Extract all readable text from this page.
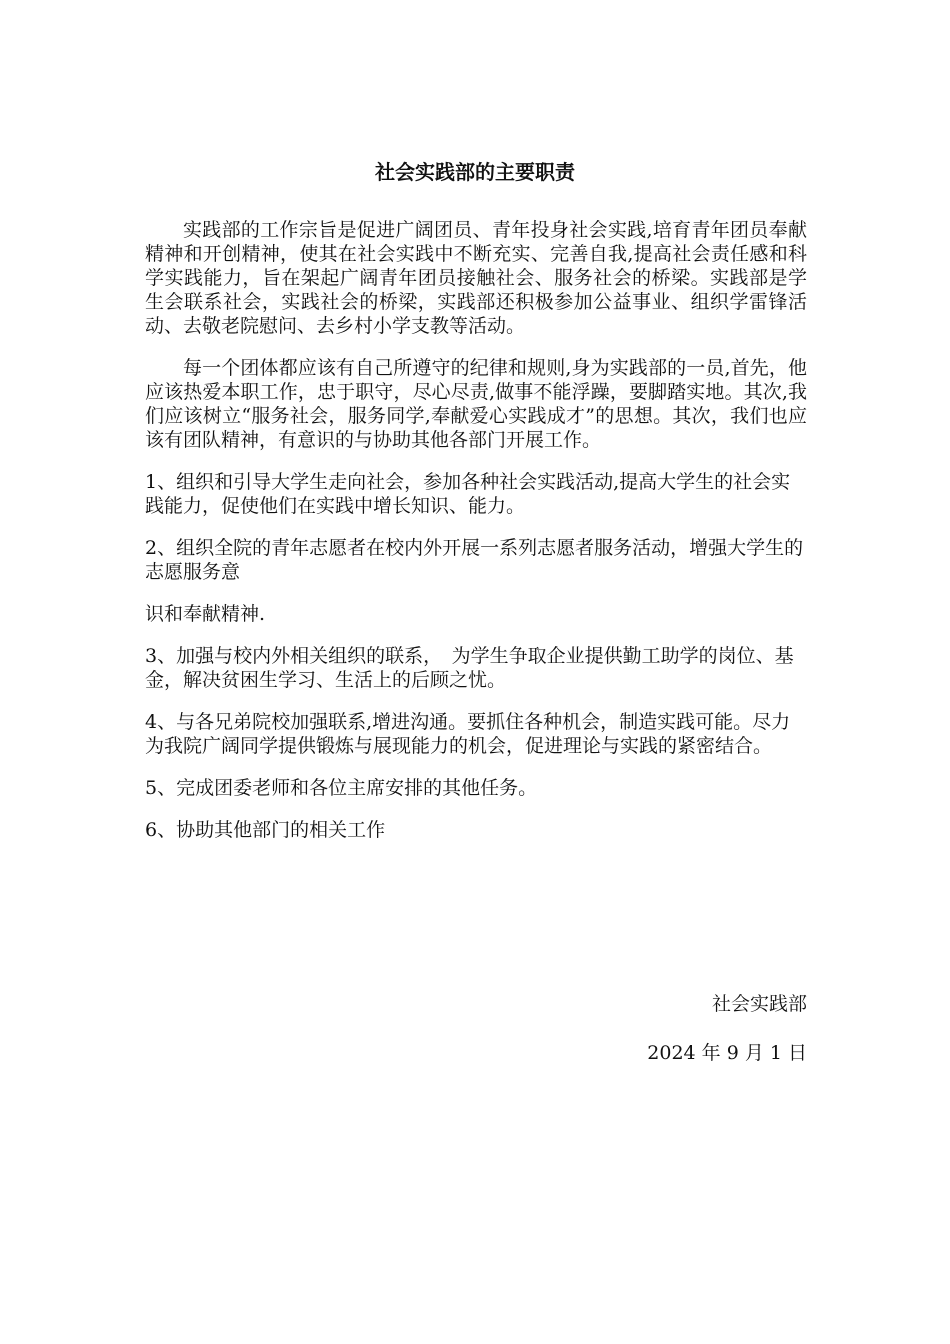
社会实践部的主要职责

实践部的工作宗旨是促进广阔团员、青年投身社会实践,培育青年团员奉献精神和开创精神，使其在社会实践中不断充实、完善自我,提高社会责任感和科学实践能力，旨在架起广阔青年团员接触社会、服务社会的桥梁。实践部是学生会联系社会，实践社会的桥梁，实践部还积极参加公益事业、组织学雷锋活动、去敬老院慰问、去乡村小学支教等活动。

每一个团体都应该有自己所遵守的纪律和规则,身为实践部的一员,首先，他应该热爱本职工作，忠于职守，尽心尽责,做事不能浮躁，要脚踏实地。其次,我们应该树立“服务社会，服务同学,奉献爱心实践成才”的思想。其次，我们也应该有团队精神，有意识的与协助其他各部门开展工作。

1、组织和引导大学生走向社会，参加各种社会实践活动,提高大学生的社会实践能力，促使他们在实践中增长知识、能力。

2、组织全院的青年志愿者在校内外开展一系列志愿者服务活动，增强大学生的志愿服务意

识和奉献精神.

3、加强与校内外相关组织的联系，　为学生争取企业提供勤工助学的岗位、基金，解决贫困生学习、生活上的后顾之忧。

4、与各兄弟院校加强联系,增进沟通。要抓住各种机会，制造实践可能。尽力为我院广阔同学提供锻炼与展现能力的机会，促进理论与实践的紧密结合。

5、完成团委老师和各位主席安排的其他任务。

6、协助其他部门的相关工作

社会实践部

2024 年 9 月 1 日
